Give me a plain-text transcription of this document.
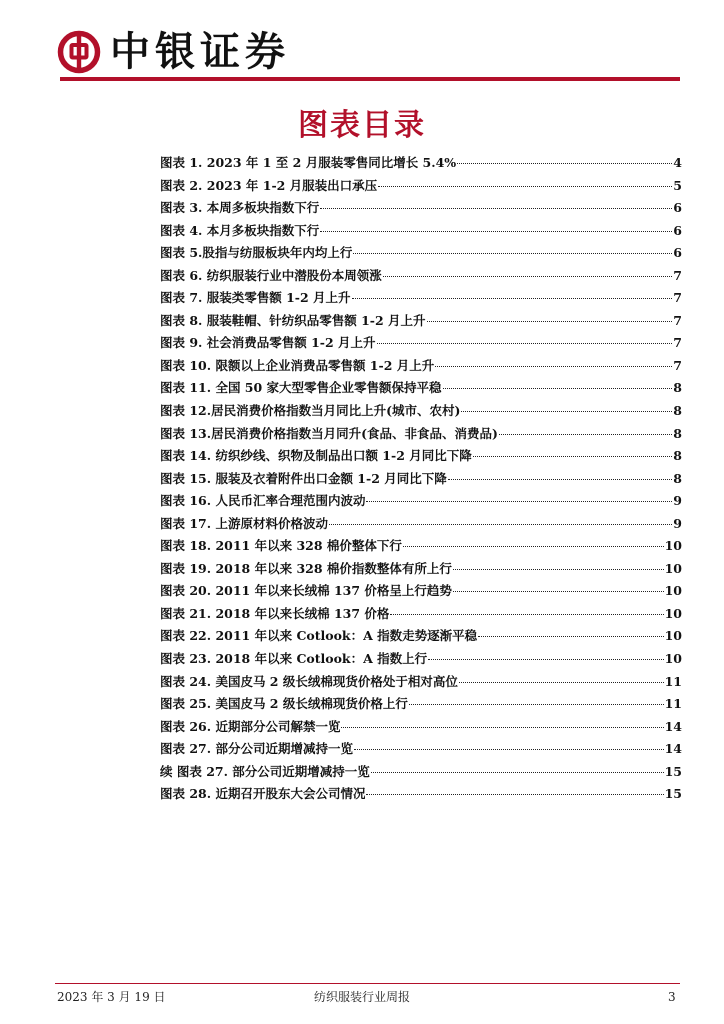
中银证券
图表目录
图表 1. 2023 年 1 至 2 月服装零售同比增长 5.4%	4
图表 2. 2023 年 1-2 月服装出口承压	5
图表 3. 本周多板块指数下行	6
图表 4. 本月多板块指数下行	6
图表 5.股指与纺服板块年内均上行	6
图表 6. 纺织服装行业中潜股份本周领涨	7
图表 7. 服装类零售额 1-2 月上升	7
图表 8. 服装鞋帽、针纺织品零售额 1-2 月上升	7
图表 9. 社会消费品零售额 1-2 月上升	7
图表 10. 限额以上企业消费品零售额 1-2 月上升	7
图表 11. 全国 50 家大型零售企业零售额保持平稳	8
图表 12.居民消费价格指数当月同比上升(城市、农村)	8
图表 13.居民消费价格指数当月同升(食品、非食品、消费品)	8
图表 14. 纺织纱线、织物及制品出口额 1-2 月同比下降	8
图表 15. 服装及衣着附件出口金额 1-2 月同比下降	8
图表 16. 人民币汇率合理范围内波动	9
图表 17. 上游原材料价格波动	9
图表 18. 2011 年以来 328 棉价整体下行	10
图表 19. 2018 年以来 328 棉价指数整体有所上行	10
图表 20. 2011 年以来长绒棉 137 价格呈上行趋势	10
图表 21. 2018 年以来长绒棉 137 价格	10
图表 22. 2011 年以来 Cotlook：A 指数走势逐渐平稳	10
图表 23. 2018 年以来 Cotlook：A 指数上行	10
图表 24. 美国皮马 2 级长绒棉现货价格处于相对高位	11
图表 25. 美国皮马 2 级长绒棉现货价格上行	11
图表 26. 近期部分公司解禁一览	14
图表 27. 部分公司近期增减持一览	14
续 图表 27. 部分公司近期增减持一览	15
图表 28. 近期召开股东大会公司情况	15
2023 年 3 月 19 日	纺织服装行业周报	3
